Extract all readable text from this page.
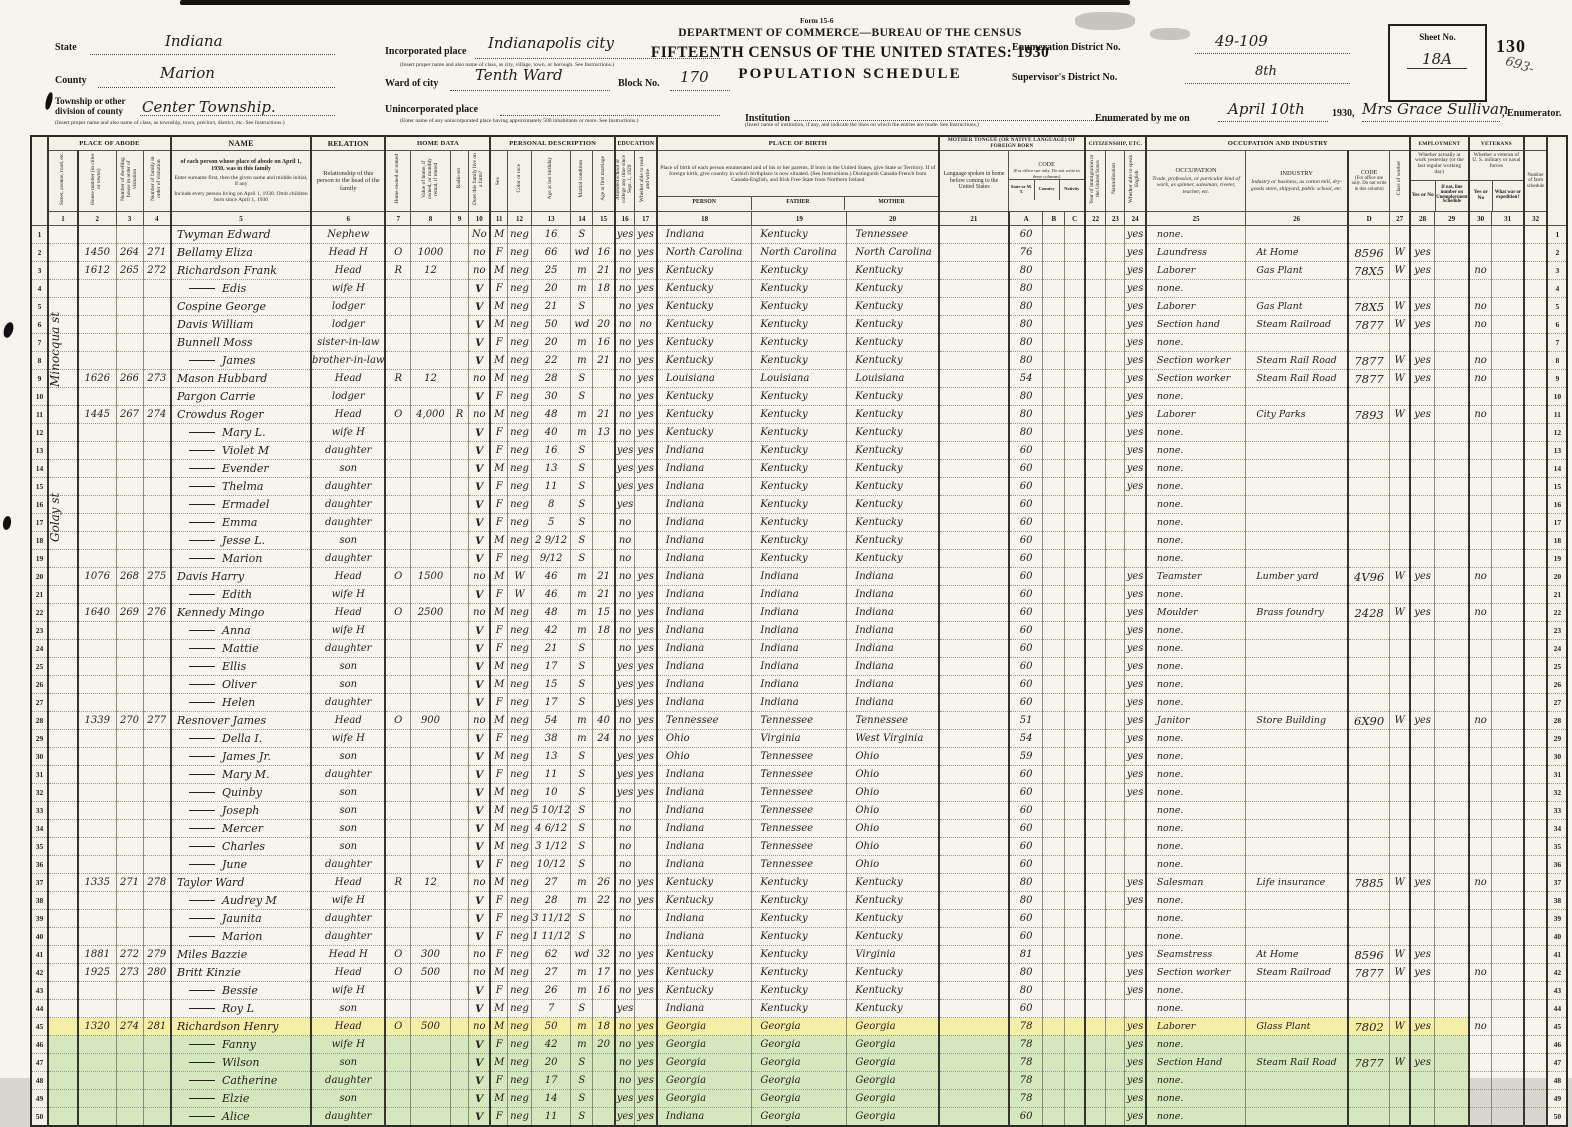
Form 15-6
DEPARTMENT OF COMMERCE—BUREAU OF THE CENSUS
FIFTEENTH CENSUS OF THE UNITED STATES: 1930
POPULATION SCHEDULE
State	Indiana
County	Marion
Township or other
division of county Center Township.
(Insert proper name and also name of class, as township, town, precinct, district, etc. See Instructions.)
Incorporated place Indianapolis city
(Insert proper name and also name of class, as city, village, town, or borough. See Instructions.)
Ward of city Tenth Ward	Block No. 170
Unincorporated place
(Enter name of any unincorporated place having approximately 500 inhabitants or more. See Instructions.)	Institution
(Insert name of institution, if any, and indicate the lines on which the entries are made. See Instructions.)
Enumeration District No.	49-109
Supervisor's District No.	8th
Sheet No.
18A
130
693-
Enumerated by me on
April 10th	1930, Mrs Grace Sullivan
, Enumerator.
	PLACE OF ABODE				NAME	RELATION	HOME DATA				PERSONAL DESCRIPTION					EDUCATION		PLACE OF BIRTH			MOTHER TONGUE (OR NATIVE LANGUAGE) OF FOREIGN BORN				CITIZENSHIP, ETC.			OCCUPATION AND INDUSTRY				EMPLOYMENT		VETERANS			
Street, avenue, road, etc.	House number (in cities or towns)	Number of dwelling house in order of visitation	Number of family in order of visitation	of each person whose place of abode on April 1, 1930, was in this family
Enter surname first, then the given name and middle initial, if any
Include every person living on April 1, 1930. Omit children born since April 1, 1930

Relationship of this person to the head of the family	Home owned or rented	Value of home, if owned, or monthly rental, if rented	Radio set	Does this family live on a farm?	Sex	Color or race	Age at last birthday	Marital condition	Age at first marriage	Attended school or college any time since Sept. 1, 1929	Whether able to read and write	
Place of birth of each person enumerated and of his or her parents. If born in the United States, give State or Territory. If of foreign birth, give country in which birthplace is now situated. (See Instructions.) Distinguish Canada-French from Canada-English, and Irish Free State from Northern Ireland
PERSON	FATHER	MOTHER

Language spoken in home before coming to the United States

CODE
(For office use only. Do not write in these columns)
State or M. T.	Country	Nativity	Year of immigration to the United States	Naturalization	Whether able to speak English	OCCUPATION
Trade, profession, or particular kind of work, as spinner, salesman, riveter, teacher, etc.

INDUSTRY
Industry or business, as cotton mill, dry-goods store, shipyard, public school, etc.

CODE
(For office use only. Do not write in this column)	Class of worker	
Whether actually at work yesterday (or the last regular working day)
Yes or No
If not, line number on Unemployment Schedule

Whether a veteran of U. S. military or naval forces
Yes or No
What war or expedition?

Number of farm schedule

	1	2	3	4	5	6	7	8	9	10	11	12	13	14	15	16	17	18	19	20	21	A	B	C	22	23	24	25	26	D	27	28	29	30	31	32	
1					Twyman Edward	Nephew				No	M	neg	16	S		yes	yes	Indiana	Kentucky	Tennessee		60					yes	none.									1
2		1450	264	271	Bellamy Eliza	Head H	O	1000		no	F	neg	66	wd	16	no	yes	North Carolina	North Carolina	North Carolina		76					yes	Laundress	At Home	8596	W	yes					2
3		1612	265	272	Richardson Frank	Head	R	12		no	M	neg	25	m	21	no	yes	Kentucky	Kentucky	Kentucky		80					yes	Laborer	Gas Plant	78X5	W	yes		no			3
4					Edis	wife H				V	F	neg	20	m	18	no	yes	Kentucky	Kentucky	Kentucky		80					yes	none.									4
5					Cospine George	lodger				V	M	neg	21	S		no	yes	Kentucky	Kentucky	Kentucky		80					yes	Laborer	Gas Plant	78X5	W	yes		no			5
6					Davis William	lodger				V	M	neg	50	wd	20	no	no	Kentucky	Kentucky	Kentucky		80					yes	Section hand	Steam Railroad	7877	W	yes		no			6
7					Bunnell Moss	sister-in-law				V	F	neg	20	m	16	no	yes	Kentucky	Kentucky	Kentucky		80					yes	none.									7
8					James	brother-in-law				V	M	neg	22	m	21	no	yes	Kentucky	Kentucky	Kentucky		80					yes	Section worker	Steam Rail Road	7877	W	yes		no			8
9		1626	266	273	Mason Hubbard	Head	R	12		no	M	neg	28	S		no	yes	Louisiana	Louisiana	Louisiana		54					yes	Section worker	Steam Rail Road	7877	W	yes		no			9
10					Pargon Carrie	lodger				V	F	neg	30	S		no	yes	Kentucky	Kentucky	Kentucky		80					yes	none.									10
11		1445	267	274	Crowdus Roger	Head	O	4,000	R	no	M	neg	48	m	21	no	yes	Kentucky	Kentucky	Kentucky		80					yes	Laborer	City Parks	7893	W	yes		no			11
12					Mary L.	wife H				V	F	neg	40	m	13	no	yes	Kentucky	Kentucky	Kentucky		80					yes	none.									12
13					Violet M	daughter				V	F	neg	16	S		yes	yes	Indiana	Kentucky	Kentucky		60					yes	none.									13
14					Evender	son				V	M	neg	13	S		yes	yes	Indiana	Kentucky	Kentucky		60					yes	none.									14
15					Thelma	daughter				V	F	neg	11	S		yes	yes	Indiana	Kentucky	Kentucky		60					yes	none.									15
16					Ermadel	daughter				V	F	neg	8	S		yes		Indiana	Kentucky	Kentucky		60						none.									16
17					Emma	daughter				V	F	neg	5	S		no		Indiana	Kentucky	Kentucky		60						none.									17
18					Jesse L.	son				V	M	neg	2 9/12	S		no		Indiana	Kentucky	Kentucky		60						none.									18
19					Marion	daughter				V	F	neg	9/12	S		no		Indiana	Kentucky	Kentucky		60						none.									19
20		1076	268	275	Davis Harry	Head	O	1500		no	M	W	46	m	21	no	yes	Indiana	Indiana	Indiana		60					yes	Teamster	Lumber yard	4V96	W	yes		no			20
21					Edith	wife H				V	F	W	46	m	21	no	yes	Indiana	Indiana	Indiana		60					yes	none.									21
22		1640	269	276	Kennedy Mingo	Head	O	2500		no	M	neg	48	m	15	no	yes	Indiana	Indiana	Indiana		60					yes	Moulder	Brass foundry	2428	W	yes		no			22
23					Anna	wife H				V	F	neg	42	m	18	no	yes	Indiana	Indiana	Indiana		60					yes	none.									23
24					Mattie	daughter				V	F	neg	21	S		no	yes	Indiana	Indiana	Indiana		60					yes	none.									24
25					Ellis	son				V	M	neg	17	S		yes	yes	Indiana	Indiana	Indiana		60					yes	none.									25
26					Oliver	son				V	M	neg	15	S		yes	yes	Indiana	Indiana	Indiana		60					yes	none.									26
27					Helen	daughter				V	F	neg	17	S		yes	yes	Indiana	Indiana	Indiana		60					yes	none.									27
28		1339	270	277	Resnover James	Head	O	900		no	M	neg	54	m	40	no	yes	Tennessee	Tennessee	Tennessee		51					yes	Janitor	Store Building	6X90	W	yes		no			28
29					Della I.	wife H				V	F	neg	38	m	24	no	yes	Ohio	Virginia	West Virginia		54					yes	none.									29
30					James Jr.	son				V	M	neg	13	S		yes	yes	Ohio	Tennessee	Ohio		59					yes	none.									30
31					Mary M.	daughter				V	F	neg	11	S		yes	yes	Indiana	Tennessee	Ohio		60					yes	none.									31
32					Quinby	son				V	M	neg	10	S		yes	yes	Indiana	Tennessee	Ohio		60					yes	none.									32
33					Joseph	son				V	M	neg	5 10/12	S		no		Indiana	Tennessee	Ohio		60						none.									33
34					Mercer	son				V	M	neg	4 6/12	S		no		Indiana	Tennessee	Ohio		60						none.									34
35					Charles	son				V	M	neg	3 1/12	S		no		Indiana	Tennessee	Ohio		60						none.									35
36					June	daughter				V	F	neg	10/12	S		no		Indiana	Tennessee	Ohio		60						none.									36
37		1335	271	278	Taylor Ward	Head	R	12		no	M	neg	27	m	26	no	yes	Kentucky	Kentucky	Kentucky		80					yes	Salesman	Life insurance	7885	W	yes		no			37
38					Audrey M	wife H				V	F	neg	28	m	22	no	yes	Kentucky	Kentucky	Kentucky		80					yes	none.									38
39					Jaunita	daughter				V	F	neg	3 11/12	S		no		Indiana	Kentucky	Kentucky		60						none.									39
40					Marion	daughter				V	F	neg	1 11/12	S		no		Indiana	Kentucky	Kentucky		60						none.									40
41		1881	272	279	Miles Bazzie	Head H	O	300		no	F	neg	62	wd	32	no	yes	Kentucky	Kentucky	Virginia		81					yes	Seamstress	At Home	8596	W	yes					41
42		1925	273	280	Britt Kinzie	Head	O	500		no	M	neg	27	m	17	no	yes	Kentucky	Kentucky	Kentucky		80					yes	Section worker	Steam Railroad	7877	W	yes		no			42
43					Bessie	wife H				V	F	neg	26	m	16	no	yes	Kentucky	Kentucky	Kentucky		80					yes	none.									43
44					Roy L	son				V	M	neg	7	S		yes		Indiana	Kentucky	Kentucky		60						none.									44
45		1320	274	281	Richardson Henry	Head	O	500		no	M	neg	50	m	18	no	yes	Georgia	Georgia	Georgia		78					yes	Laborer	Glass Plant	7802	W	yes		no			45
46					Fanny	wife H				V	F	neg	42	m	20	no	yes	Georgia	Georgia	Georgia		78					yes	none.									46
47					Wilson	son				V	M	neg	20	S		no	yes	Georgia	Georgia	Georgia		78					yes	Section Hand	Steam Rail Road	7877	W	yes					47
48					Catherine	daughter				V	F	neg	17	S		no	yes	Georgia	Georgia	Georgia		78					yes	none.									48
49					Elzie	son				V	M	neg	14	S		yes	yes	Georgia	Georgia	Georgia		78					yes	none.									49
50					Alice	daughter				V	F	neg	11	S		yes	yes	Indiana	Georgia	Georgia		60					yes	none.									50
Minocqua st
Golay st
